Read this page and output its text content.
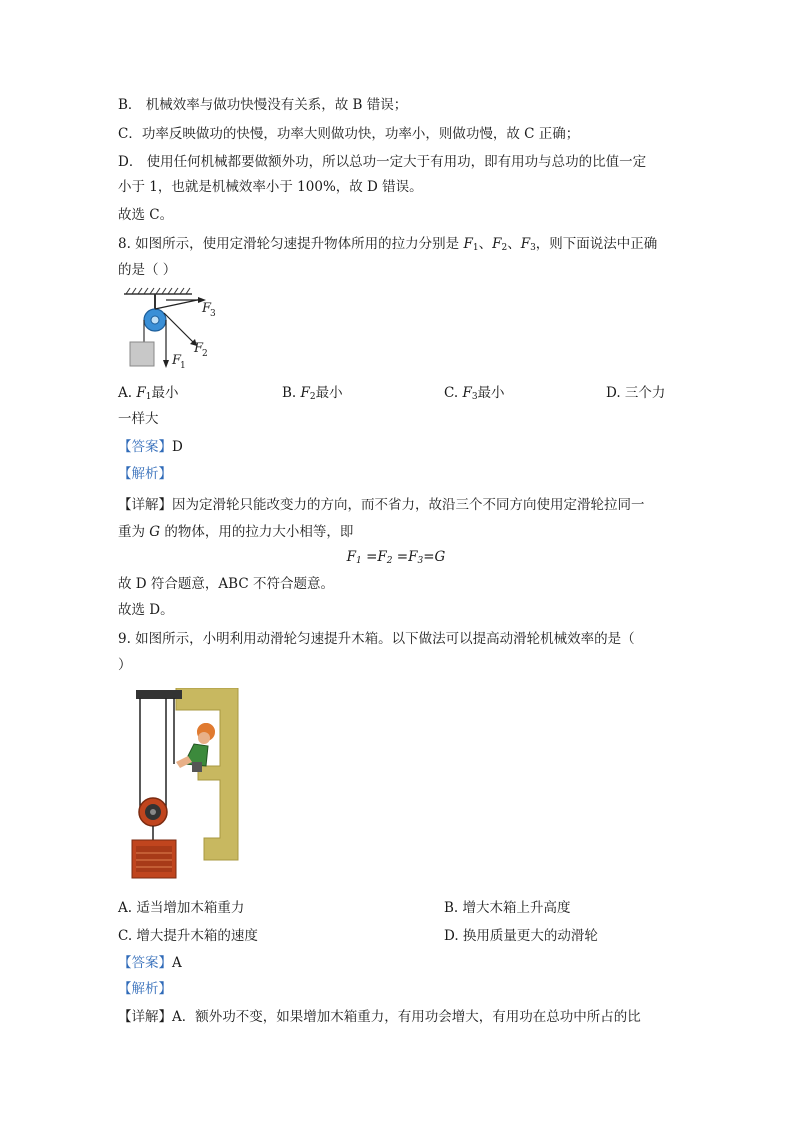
B． 机械效率与做功快慢没有关系，故 B 错误；
C．功率反映做功的快慢，功率大则做功快，功率小，则做功慢，故 C 正确；
D． 使用任何机械都要做额外功，所以总功一定大于有用功，即有用功与总功的比值一定
小于 1，也就是机械效率小于 100%，故 D 错误。
故选 C。
8. 如图所示，使用定滑轮匀速提升物体所用的拉力分别是 $F_1$、$F_2$、$F_3$，则下面说法中正确
的是（ ）
F
1
F
2
F
3
A. $F_1$最小	B. $F_2$最小	C. $F_3$最小	D. 三个力
一样大
【答案】D
【解析】
【详解】因为定滑轮只能改变力的方向，而不省力，故沿三个不同方向使用定滑轮拉同一
重为 G 的物体，用的拉力大小相等，即
$F_1 =F_2 =F_3=G$
故 D 符合题意，ABC 不符合题意。
故选 D。
9. 如图所示，小明利用动滑轮匀速提升木箱。以下做法可以提高动滑轮机械效率的是（
）
A. 适当增加木箱重力	B. 增大木箱上升高度
C. 增大提升木箱的速度	D. 换用质量更大的动滑轮
【答案】A
【解析】
【详解】A．额外功不变，如果增加木箱重力，有用功会增大，有用功在总功中所占的比
